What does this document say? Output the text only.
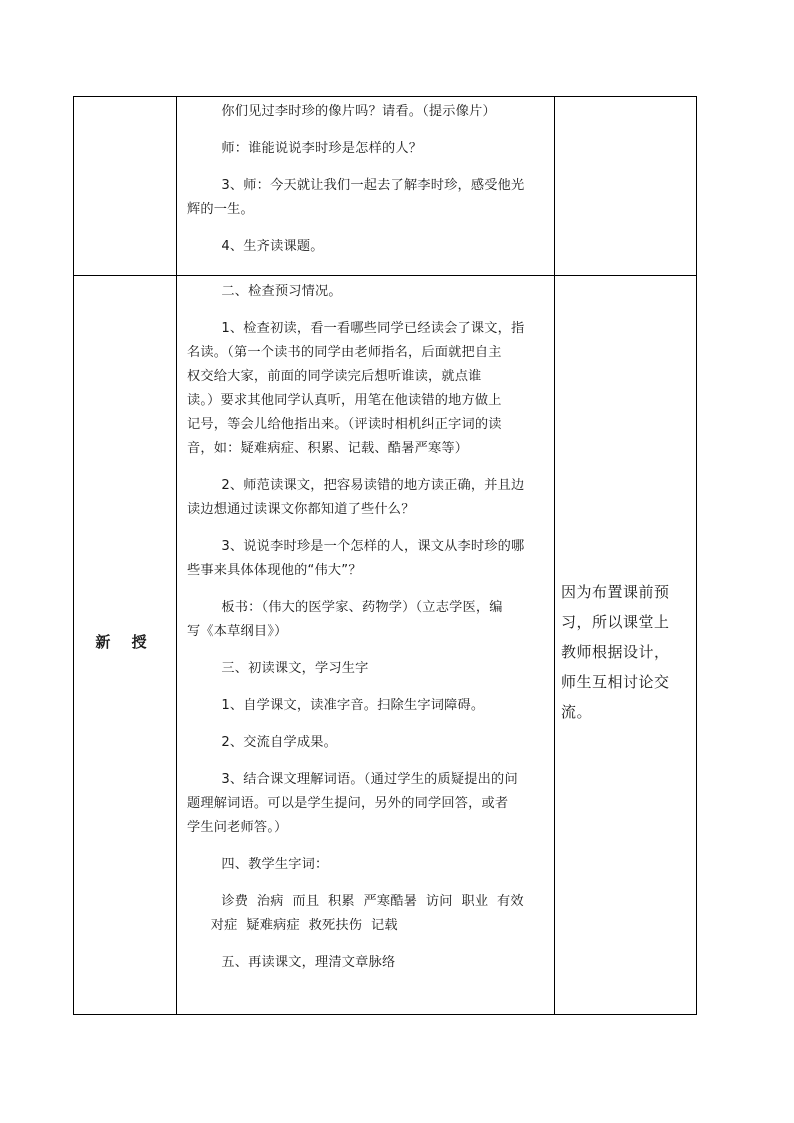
你们见过李时珍的像片吗？请看。（提示像片）

师：谁能说说李时珍是怎样的人？

3、师：今天就让我们一起去了解李时珍，感受他光

辉的一生。

4、生齐读课题。

新 授

二、检查预习情况。

1、检查初读，看一看哪些同学已经读会了课文，指

名读。（第一个读书的同学由老师指名，后面就把自主

权交给大家，前面的同学读完后想听谁读，就点谁

读。）要求其他同学认真听，用笔在他读错的地方做上

记号，等会儿给他指出来。（评读时相机纠正字词的读

音，如：疑难病症、积累、记载、酷暑严寒等）

2、师范读课文，把容易读错的地方读正确，并且边

读边想通过读课文你都知道了些什么？

3、说说李时珍是一个怎样的人，课文从李时珍的哪

些事来具体体现他的“伟大”？

板书：（伟大的医学家、药物学）（立志学医，编

写《本草纲目》）

三、初读课文，学习生字

1、自学课文，读准字音。扫除生字词障碍。

2、交流自学成果。

3、结合课文理解词语。（通过学生的质疑提出的问

题理解词语。可以是学生提问，另外的同学回答，或者

学生问老师答。）

四、教学生字词：

诊费  治病  而且  积累  严寒酷暑  访问  职业  有效

对症  疑难病症  救死扶伤  记载

五、再读课文，理清文章脉络

因为布置课前预
习，所以课堂上
教师根据设计，
师生互相讨论交
流。
